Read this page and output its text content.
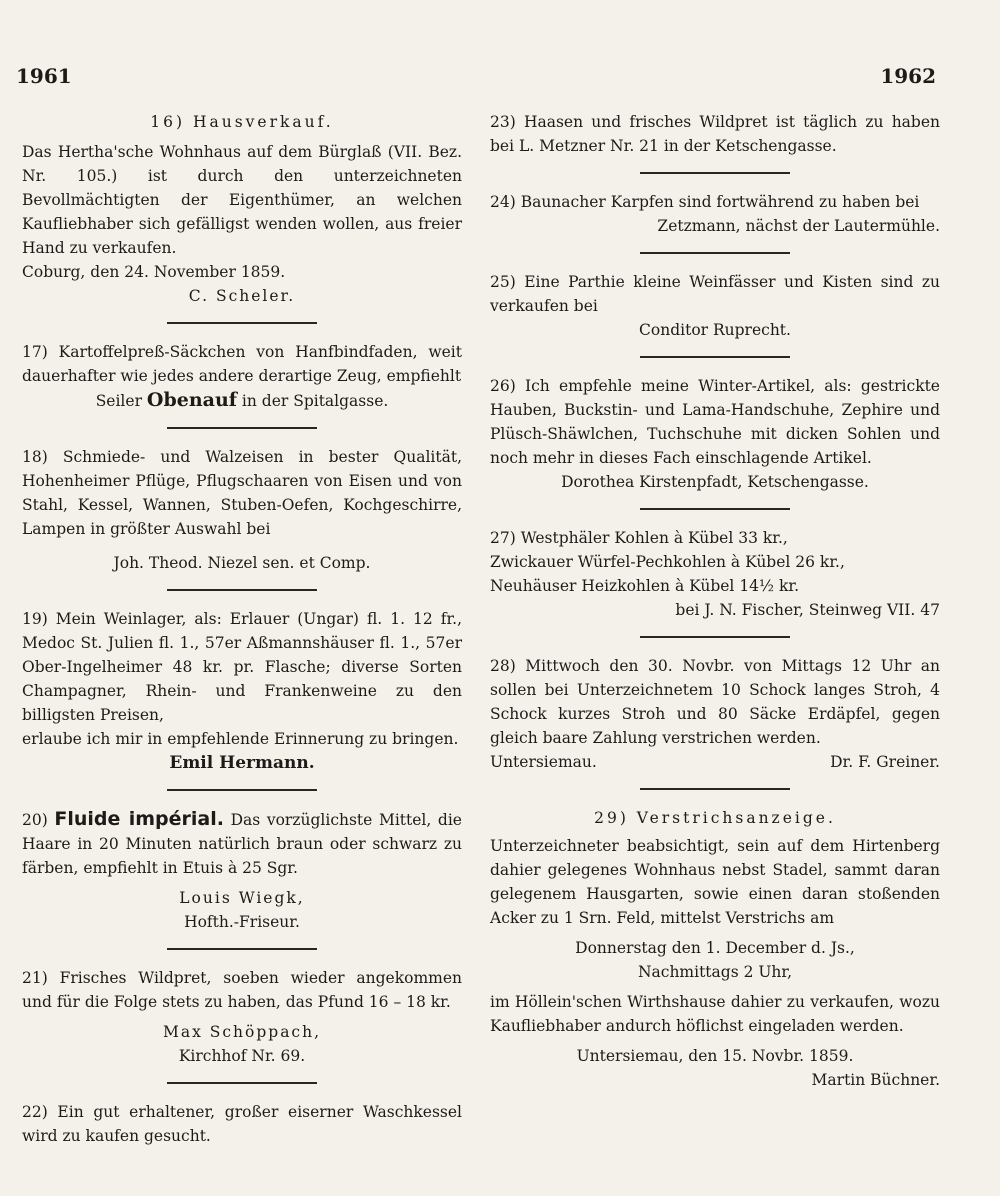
1961	1962

16) Hausverkauf.

Das Hertha'sche Wohnhaus auf dem Bürglaß (VII. Bez. Nr. 105.) ist durch den unterzeichneten Bevollmächtigten der Eigenthümer, an welchen Kaufliebhaber sich gefälligst wenden wollen, aus freier Hand zu verkaufen.

Coburg, den 24. November 1859.

C. Scheler.

17) Kartoffelpreß-Säckchen von Hanfbindfaden, weit dauerhafter wie jedes andere derartige Zeug, empfiehlt

Seiler Obenauf in der Spitalgasse.

18) Schmiede- und Walzeisen in bester Qualität, Hohenheimer Pflüge, Pflugschaaren von Eisen und von Stahl, Kessel, Wannen, Stuben-Oefen, Kochgeschirre, Lampen in größter Auswahl bei

Joh. Theod. Niezel sen. et Comp.

19) Mein Weinlager, als: Erlauer (Ungar) fl. 1. 12 fr., Medoc St. Julien fl. 1., 57er Aßmannshäuser fl. 1., 57er Ober-Ingelheimer 48 kr. pr. Flasche; diverse Sorten Champagner, Rhein- und Frankenweine zu den billigsten Preisen,

erlaube ich mir in empfehlende Erinnerung zu bringen.

Emil Hermann.

20) Fluide impérial. Das vorzüglichste Mittel, die Haare in 20 Minuten natürlich braun oder schwarz zu färben, empfiehlt in Etuis à 25 Sgr.

Louis Wiegk,

Hofth.-Friseur.

21) Frisches Wildpret, soeben wieder angekommen und für die Folge stets zu haben, das Pfund 16 – 18 kr.

Max Schöppach,

Kirchhof Nr. 69.

22) Ein gut erhaltener, großer eiserner Waschkessel wird zu kaufen gesucht.

23) Haasen und frisches Wildpret ist täglich zu haben bei L. Metzner Nr. 21 in der Ketschengasse.

24) Baunacher Karpfen sind fortwährend zu haben bei

Zetzmann, nächst der Lautermühle.

25) Eine Parthie kleine Weinfässer und Kisten sind zu verkaufen bei

Conditor Ruprecht.

26) Ich empfehle meine Winter-Artikel, als: gestrickte Hauben, Buckstin- und Lama-Handschuhe, Zephire und Plüsch-Shäwlchen, Tuchschuhe mit dicken Sohlen und noch mehr in dieses Fach einschlagende Artikel.

Dorothea Kirstenpfadt, Ketschengasse.

27) Westphäler Kohlen à Kübel 33 kr.,

Zwickauer Würfel-Pechkohlen à Kübel 26 kr.,

Neuhäuser Heizkohlen à Kübel 14½ kr.

bei J. N. Fischer, Steinweg VII. 47

28) Mittwoch den 30. Novbr. von Mittags 12 Uhr an sollen bei Unterzeichnetem 10 Schock langes Stroh, 4 Schock kurzes Stroh und 80 Säcke Erdäpfel, gegen gleich baare Zahlung verstrichen werden.

Untersiemau.	Dr. F. Greiner.

29) Verstrichsanzeige.

Unterzeichneter beabsichtigt, sein auf dem Hirtenberg dahier gelegenes Wohnhaus nebst Stadel, sammt daran gelegenem Hausgarten, sowie einen daran stoßenden Acker zu 1 Srn. Feld, mittelst Verstrichs am

Donnerstag den 1. December d. Js.,

Nachmittags 2 Uhr,

im Höllein'schen Wirthshause dahier zu verkaufen, wozu Kaufliebhaber andurch höflichst eingeladen werden.

Untersiemau, den 15. Novbr. 1859.

Martin Büchner.
